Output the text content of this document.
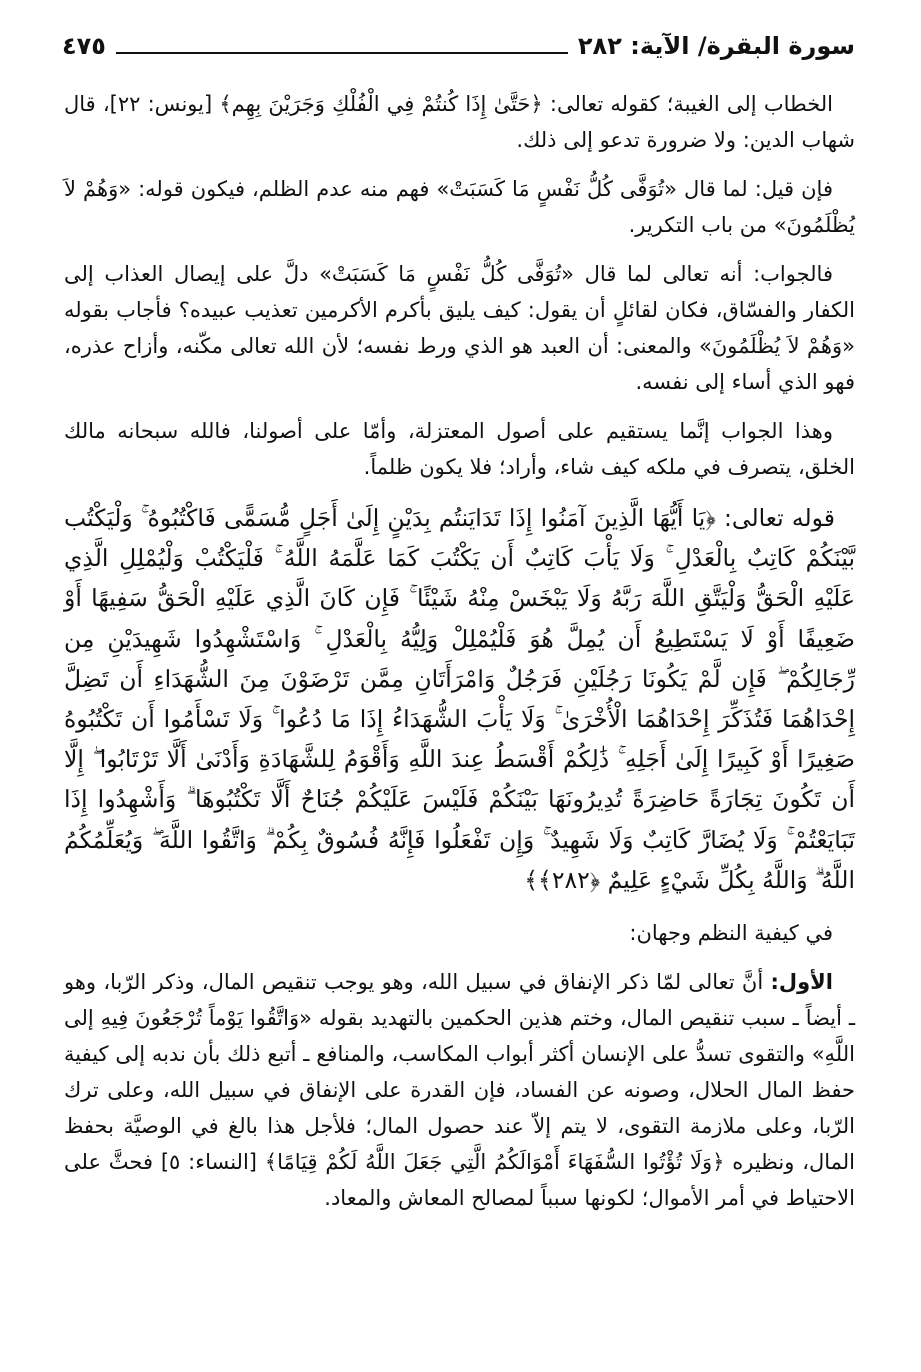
سورة البقرة/ الآية: ٢٨٢
٤٧٥

الخطاب إلى الغيبة؛ كقوله تعالى: ﴿حَتَّىٰ إِذَا كُنتُمْ فِي الْفُلْكِ وَجَرَيْنَ بِهِم﴾ [يونس: ٢٢]، قال شهاب الدين: ولا ضرورة تدعو إلى ذلك.

فإن قيل: لما قال «تُوَفَّى كُلُّ نَفْسٍ مَا كَسَبَتْ» فهم منه عدم الظلم، فيكون قوله: «وَهُمْ لاَ يُظْلَمُونَ» من باب التكرير.

فالجواب: أنه تعالى لما قال «تُوَفَّى كُلُّ نَفْسٍ مَا كَسَبَتْ» دلَّ على إيصال العذاب إلى الكفار والفسّاق، فكان لقائلٍ أن يقول: كيف يليق بأكرم الأكرمين تعذيب عبيده؟ فأجاب بقوله «وَهُمْ لاَ يُظْلَمُونَ» والمعنى: أن العبد هو الذي ورط نفسه؛ لأن الله تعالى مكّنه، وأزاح عذره، فهو الذي أساء إلى نفسه.

وهذا الجواب إنَّما يستقيم على أصول المعتزلة، وأمّا على أصولنا، فالله سبحانه مالك الخلق، يتصرف في ملكه كيف شاء، وأراد؛ فلا يكون ظلماً.

قوله تعالى: ﴿يَا أَيُّهَا الَّذِينَ آمَنُوا إِذَا تَدَايَنتُم بِدَيْنٍ إِلَىٰ أَجَلٍ مُّسَمًّى فَاكْتُبُوهُ ۚ وَلْيَكْتُب بَّيْنَكُمْ كَاتِبٌ بِالْعَدْلِ ۚ وَلَا يَأْبَ كَاتِبٌ أَن يَكْتُبَ كَمَا عَلَّمَهُ اللَّهُ ۚ فَلْيَكْتُبْ وَلْيُمْلِلِ الَّذِي عَلَيْهِ الْحَقُّ وَلْيَتَّقِ اللَّهَ رَبَّهُ وَلَا يَبْخَسْ مِنْهُ شَيْئًا ۚ فَإِن كَانَ الَّذِي عَلَيْهِ الْحَقُّ سَفِيهًا أَوْ ضَعِيفًا أَوْ لَا يَسْتَطِيعُ أَن يُمِلَّ هُوَ فَلْيُمْلِلْ وَلِيُّهُ بِالْعَدْلِ ۚ وَاسْتَشْهِدُوا شَهِيدَيْنِ مِن رِّجَالِكُمْ ۖ فَإِن لَّمْ يَكُونَا رَجُلَيْنِ فَرَجُلٌ وَامْرَأَتَانِ مِمَّن تَرْضَوْنَ مِنَ الشُّهَدَاءِ أَن تَضِلَّ إِحْدَاهُمَا فَتُذَكِّرَ إِحْدَاهُمَا الْأُخْرَىٰ ۚ وَلَا يَأْبَ الشُّهَدَاءُ إِذَا مَا دُعُوا ۚ وَلَا تَسْأَمُوا أَن تَكْتُبُوهُ صَغِيرًا أَوْ كَبِيرًا إِلَىٰ أَجَلِهِ ۚ ذَٰلِكُمْ أَقْسَطُ عِندَ اللَّهِ وَأَقْوَمُ لِلشَّهَادَةِ وَأَدْنَىٰ أَلَّا تَرْتَابُوا ۖ إِلَّا أَن تَكُونَ تِجَارَةً حَاضِرَةً تُدِيرُونَهَا بَيْنَكُمْ فَلَيْسَ عَلَيْكُمْ جُنَاحٌ أَلَّا تَكْتُبُوهَا ۗ وَأَشْهِدُوا إِذَا تَبَايَعْتُمْ ۚ وَلَا يُضَارَّ كَاتِبٌ وَلَا شَهِيدٌ ۚ وَإِن تَفْعَلُوا فَإِنَّهُ فُسُوقٌ بِكُمْ ۗ وَاتَّقُوا اللَّهَ ۖ وَيُعَلِّمُكُمُ اللَّهُ ۗ وَاللَّهُ بِكُلِّ شَيْءٍ عَلِيمٌ ﴿٢٨٢﴾﴾

في كيفية النظم وجهان:

الأول: أنَّ تعالى لمّا ذكر الإنفاق في سبيل الله، وهو يوجب تنقيص المال، وذكر الرّبا، وهو ـ أيضاً ـ سبب تنقيص المال، وختم هذين الحكمين بالتهديد بقوله «وَاتَّقُوا يَوْماً تُرْجَعُونَ فِيهِ إلى اللَّهِ» والتقوى تسدُّ على الإنسان أكثر أبواب المكاسب، والمنافع ـ أتبع ذلك بأن ندبه إلى كيفية حفظ المال الحلال، وصونه عن الفساد، فإن القدرة على الإنفاق في سبيل الله، وعلى ترك الرّبا، وعلى ملازمة التقوى، لا يتم إلاّ عند حصول المال؛ فلأجل هذا بالغ في الوصيَّة بحفظ المال، ونظيره ﴿وَلَا تُؤْتُوا السُّفَهَاءَ أَمْوَالَكُمُ الَّتِي جَعَلَ اللَّهُ لَكُمْ قِيَامًا﴾ [النساء: ٥] فحثَّ على الاحتياط في أمر الأموال؛ لكونها سبباً لمصالح المعاش والمعاد.
